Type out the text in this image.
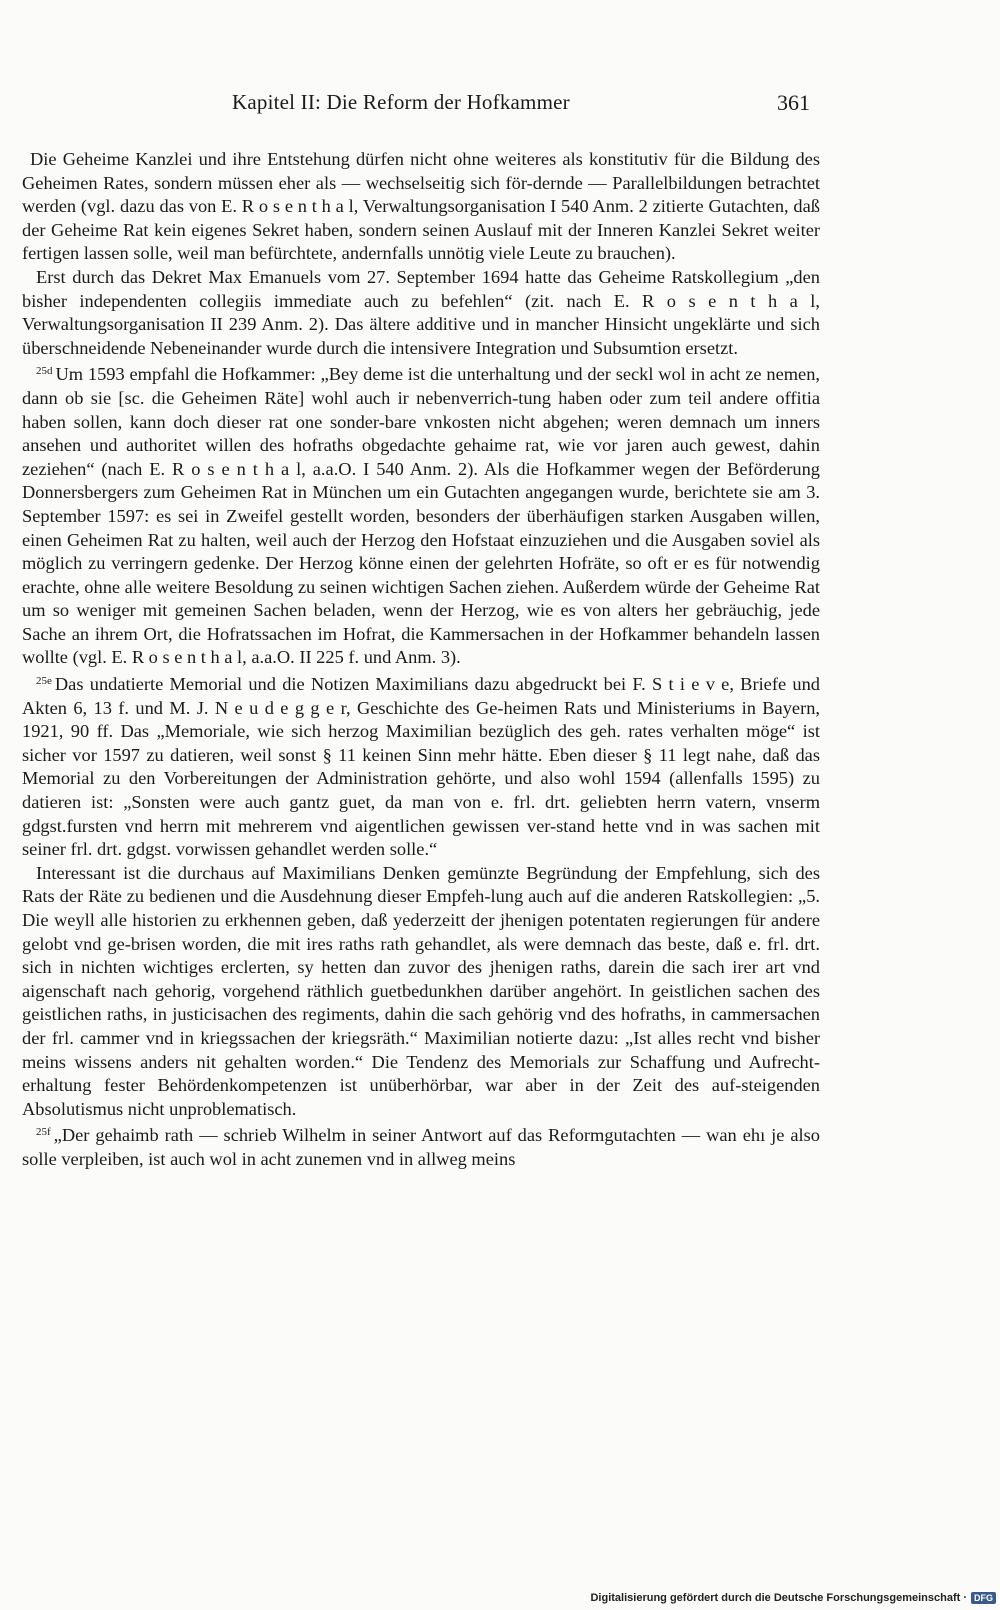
Kapitel II: Die Reform der Hofkammer	361

Die Geheime Kanzlei und ihre Entstehung dürfen nicht ohne weiteres als konstitutiv für die Bildung des Geheimen Rates, sondern müssen eher als — wechselseitig sich för-dernde — Parallelbildungen betrachtet werden (vgl. dazu das von E. R o s e n t h a l, Verwaltungsorganisation I 540 Anm. 2 zitierte Gutachten, daß der Geheime Rat kein eigenes Sekret haben, sondern seinen Auslauf mit der Inneren Kanzlei Sekret weiter fertigen lassen solle, weil man befürchtete, andernfalls unnötig viele Leute zu brauchen).

Erst durch das Dekret Max Emanuels vom 27. September 1694 hatte das Geheime Ratskollegium „den bisher independenten collegiis immediate auch zu befehlen“ (zit. nach E. R o s e n t h a l, Verwaltungsorganisation II 239 Anm. 2). Das ältere additive und in mancher Hinsicht ungeklärte und sich überschneidende Nebeneinander wurde durch die intensivere Integration und Subsumtion ersetzt.

$^{25d}$ Um 1593 empfahl die Hofkammer: „Bey deme ist die unterhaltung und der seckl wol in acht ze nemen, dann ob sie [sc. die Geheimen Räte] wohl auch ir nebenverrich-tung haben oder zum teil andere offitia haben sollen, kann doch dieser rat one sonder-bare vnkosten nicht abgehen; weren demnach um inners ansehen und authoritet willen des hofraths obgedachte gehaime rat, wie vor jaren auch gewest, dahin zeziehen“ (nach E. R o s e n t h a l, a.a.O. I 540 Anm. 2). Als die Hofkammer wegen der Beförderung Donnersbergers zum Geheimen Rat in München um ein Gutachten angegangen wurde, berichtete sie am 3. September 1597: es sei in Zweifel gestellt worden, besonders der überhäufigen starken Ausgaben willen, einen Geheimen Rat zu halten, weil auch der Herzog den Hofstaat einzuziehen und die Ausgaben soviel als möglich zu verringern gedenke. Der Herzog könne einen der gelehrten Hofräte, so oft er es für notwendig erachte, ohne alle weitere Besoldung zu seinen wichtigen Sachen ziehen. Außerdem würde der Geheime Rat um so weniger mit gemeinen Sachen beladen, wenn der Herzog, wie es von alters her gebräuchig, jede Sache an ihrem Ort, die Hofratssachen im Hofrat, die Kammersachen in der Hofkammer behandeln lassen wollte (vgl. E. R o s e n t h a l, a.a.O. II 225 f. und Anm. 3).

$^{25e}$ Das undatierte Memorial und die Notizen Maximilians dazu abgedruckt bei F. S t i e v e, Briefe und Akten 6, 13 f. und M. J. N e u d e g g e r, Geschichte des Ge-heimen Rats und Ministeriums in Bayern, 1921, 90 ff. Das „Memoriale, wie sich herzog Maximilian bezüglich des geh. rates verhalten möge“ ist sicher vor 1597 zu datieren, weil sonst § 11 keinen Sinn mehr hätte. Eben dieser § 11 legt nahe, daß das Memorial zu den Vorbereitungen der Administration gehörte, und also wohl 1594 (allenfalls 1595) zu datieren ist: „Sonsten were auch gantz guet, da man von e. frl. drt. geliebten herrn vatern, vnserm gdgst.fursten vnd herrn mit mehrerem vnd aigentlichen gewissen ver-stand hette vnd in was sachen mit seiner frl. drt. gdgst. vorwissen gehandlet werden solle.“

Interessant ist die durchaus auf Maximilians Denken gemünzte Begründung der Empfehlung, sich des Rats der Räte zu bedienen und die Ausdehnung dieser Empfeh-lung auch auf die anderen Ratskollegien: „5. Die weyll alle historien zu erkhennen geben, daß yederzeitt der jhenigen potentaten regierungen für andere gelobt vnd ge-brisen worden, die mit ires raths rath gehandlet, als were demnach das beste, daß e. frl. drt. sich in nichten wichtiges erclerten, sy hetten dan zuvor des jhenigen raths, darein die sach irer art vnd aigenschaft nach gehorig, vorgehend räthlich guetbedunkhen darüber angehört. In geistlichen sachen des geistlichen raths, in justicisachen des regiments, dahin die sach gehörig vnd des hofraths, in cammersachen der frl. cammer vnd in kriegssachen der kriegsräth.“ Maximilian notierte dazu: „Ist alles recht vnd bisher meins wissens anders nit gehalten worden.“ Die Tendenz des Memorials zur Schaffung und Aufrecht-erhaltung fester Behördenkompetenzen ist unüberhörbar, war aber in der Zeit des auf-steigenden Absolutismus nicht unproblematisch.

$^{25f}$ „Der gehaimb rath — schrieb Wilhelm in seiner Antwort auf das Reformgutachten — wan ehı je also solle verpleiben, ist auch wol in acht zunemen vnd in allweg meins

Digitalisierung gefördert durch die Deutsche Forschungsgemeinschaft · DFG
